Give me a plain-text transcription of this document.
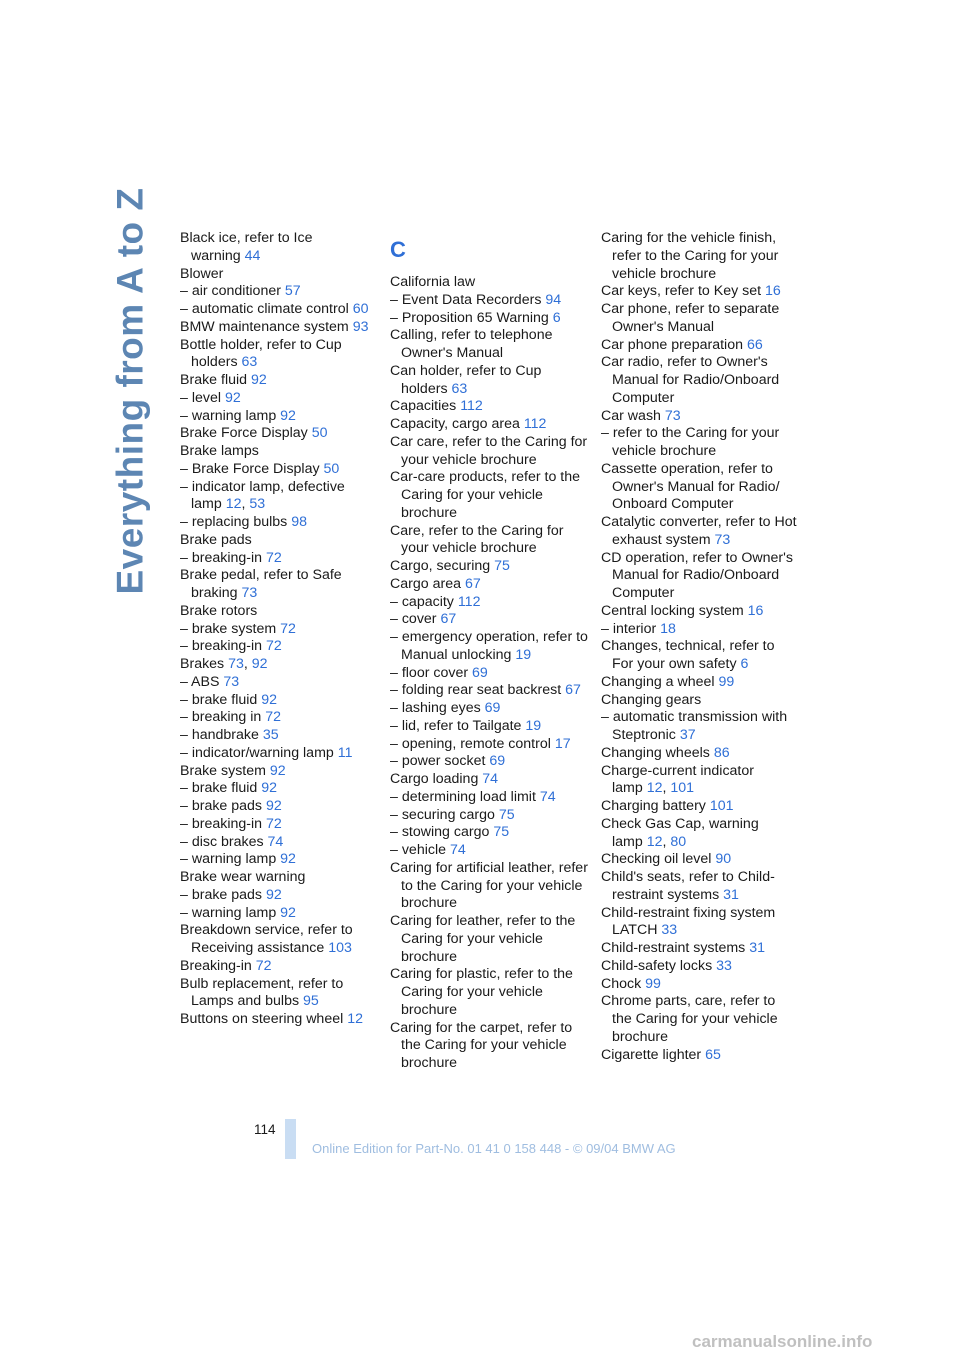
Everything from A to Z Black ice, refer to Ice warning 44
Blower
– air conditioner 57
– automatic climate control 60
BMW maintenance system 93
Bottle holder, refer to Cup holders 63
Brake fluid 92
– level 92
– warning lamp 92
Brake Force Display 50
Brake lamps
– Brake Force Display 50
– indicator lamp, defective lamp 12, 53
– replacing bulbs 98
Brake pads
– breaking-in 72
Brake pedal, refer to Safe braking 73
Brake rotors
– brake system 72
– breaking-in 72
Brakes 73, 92
– ABS 73
– brake fluid 92
– breaking in 72
– handbrake 35
– indicator/warning lamp 11
Brake system 92
– brake fluid 92
– brake pads 92
– breaking-in 72
– disc brakes 74
– warning lamp 92
Brake wear warning
– brake pads 92
– warning lamp 92
Breakdown service, refer to Receiving assistance 103
Breaking-in 72
Bulb replacement, refer to Lamps and bulbs 95
Buttons on steering wheel 12
C
California law
– Event Data Recorders 94
– Proposition 65 Warning 6
Calling, refer to telephone Owner's Manual
Can holder, refer to Cup holders 63
Capacities 112
Capacity, cargo area 112
Car care, refer to the Caring for your vehicle brochure
Car-care products, refer to the Caring for your vehicle brochure
Care, refer to the Caring for your vehicle brochure
Cargo, securing 75
Cargo area 67
– capacity 112
– cover 67
– emergency operation, refer to Manual unlocking 19
– floor cover 69
– folding rear seat backrest 67
– lashing eyes 69
– lid, refer to Tailgate 19
– opening, remote control 17
– power socket 69
Cargo loading 74
– determining load limit 74
– securing cargo 75
– stowing cargo 75
– vehicle 74
Caring for artificial leather, refer to the Caring for your vehicle brochure
Caring for leather, refer to the Caring for your vehicle brochure
Caring for plastic, refer to the Caring for your vehicle brochure
Caring for the carpet, refer to the Caring for your vehicle brochure
Caring for the vehicle finish, refer to the Caring for your vehicle brochure
Car keys, refer to Key set 16
Car phone, refer to separate Owner's Manual
Car phone preparation 66
Car radio, refer to Owner's Manual for Radio/Onboard Computer
Car wash 73
– refer to the Caring for your vehicle brochure
Cassette operation, refer to Owner's Manual for Radio/ Onboard Computer
Catalytic converter, refer to Hot exhaust system 73
CD operation, refer to Owner's Manual for Radio/Onboard Computer
Central locking system 16
– interior 18
Changes, technical, refer to For your own safety 6
Changing a wheel 99
Changing gears
– automatic transmission with Steptronic 37
Changing wheels 86
Charge-current indicator lamp 12, 101
Charging battery 101
Check Gas Cap, warning lamp 12, 80
Checking oil level 90
Child's seats, refer to Child-restraint systems 31
Child-restraint fixing system LATCH 33
Child-restraint systems 31
Child-safety locks 33
Chock 99
Chrome parts, care, refer to the Caring for your vehicle brochure
Cigarette lighter 65
114
Online Edition for Part-No. 01 41 0 158 448 - © 09/04 BMW AG
carmanualsonline.info
